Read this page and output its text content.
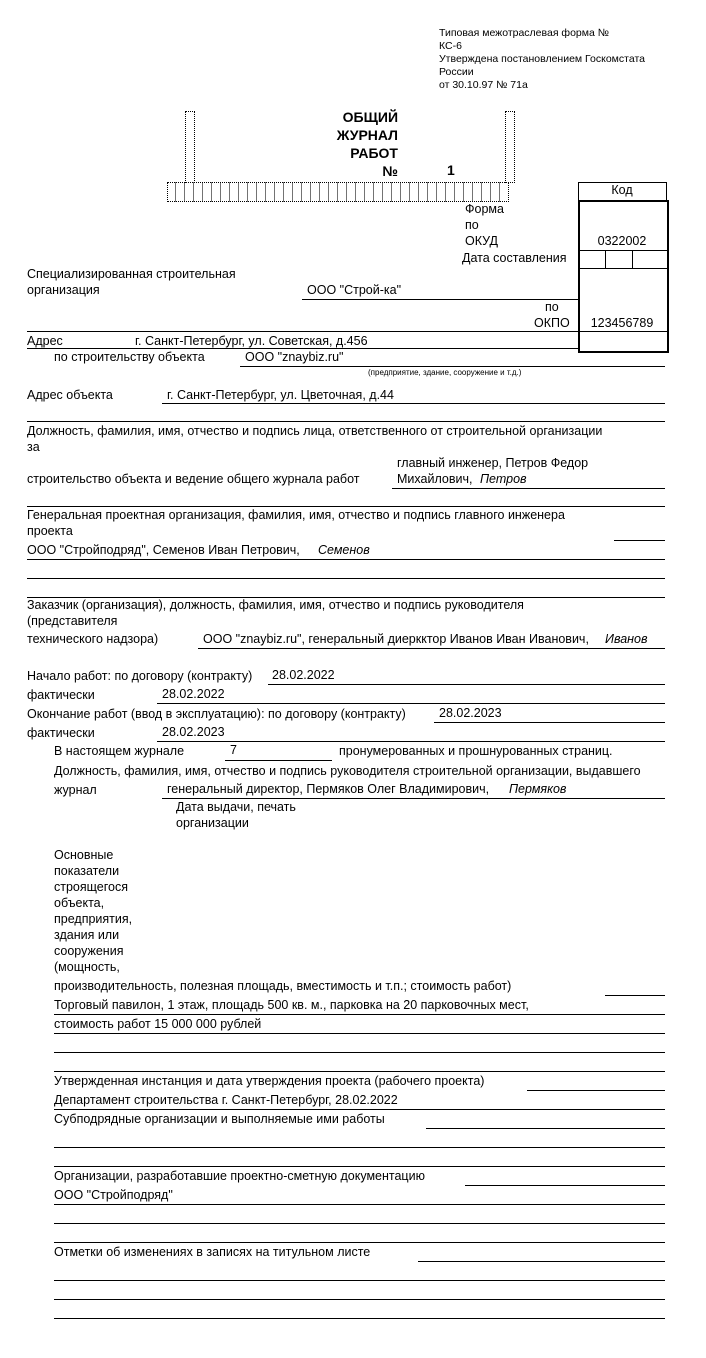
Типовая межотраслевая форма №
КС-6
Утверждена постановлением Госкомстата
России
от 30.10.97 № 71а
ОБЩИЙ
ЖУРНАЛ
РАБОТ
№	1
Код
Форма
по
ОКУД	0322002
Дата составления
по
ОКПО	123456789
Специализированная строительная
организация	ООО "Строй-ка"
Адрес	г. Санкт-Петербург, ул. Советская, д.456
по строительству объекта	ООО "znaybiz.ru"
(предприятие, здание, сооружение и т.д.)
Адрес объекта	г. Санкт-Петербург, ул. Цветочная, д.44
Должность, фамилия, имя, отчество и подпись лица, ответственного от строительной организации
за
главный инженер, Петров Федор
строительство объекта и ведение общего журнала работ	Михайлович, Петров
Генеральная проектная организация, фамилия, имя, отчество и подпись главного инженера
проекта
ООО "Стройподряд", Семенов Иван Петрович, Семенов
Заказчик (организация), должность, фамилия, имя, отчество и подпись руководителя
(представителя
технического надзора)	ООО "znaybiz.ru", генеральный диеркктор Иванов Иван Иванович, Иванов
Начало работ: по договору (контракту) 28.02.2022
фактически	28.02.2022
Окончание работ (ввод в эксплуатацию): по договору (контракту)	28.02.2023
фактически	28.02.2023
В настоящем журнале	7	пронумерованных и прошнурованных страниц.
Должность, фамилия, имя, отчество и подпись руководителя строительной организации, выдавшего
журнал	генеральный директор, Пермяков Олег Владимирович, Пермяков
Дата выдачи, печать
организации
Основные
показатели
строящегося
объекта,
предприятия,
здания или
сооружения
(мощность,
производительность, полезная площадь, вместимость и т.п.; стоимость работ)
Торговый павилон, 1 этаж, площадь 500 кв. м., парковка на 20 парковочных мест,
стоимость работ 15 000 000 рублей
Утвержденная инстанция и дата утверждения проекта (рабочего проекта)
Департамент строительства г. Санкт-Петербург, 28.02.2022
Субподрядные организации и выполняемые ими работы
Организации, разработавшие проектно-сметную документацию
ООО "Стройподряд"
Отметки об изменениях в записях на титульном листе
